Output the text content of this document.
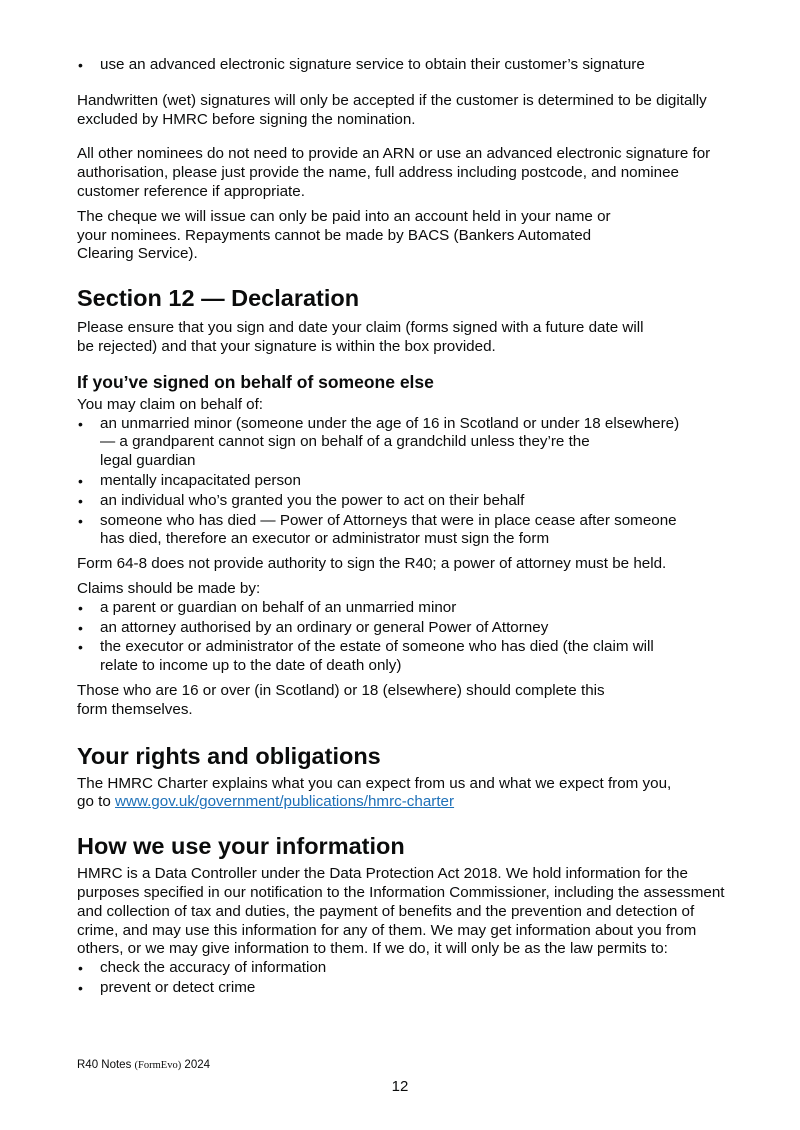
• use an advanced electronic signature service to obtain their customer’s signature

Handwritten (wet) signatures will only be accepted if the customer is determined to be digitally excluded by HMRC before signing the nomination.

All other nominees do not need to provide an ARN or use an advanced electronic signature for authorisation, please just provide the name, full address including postcode, and nominee customer reference if appropriate.

The cheque we will issue can only be paid into an account held in your name or
your nominees. Repayments cannot be made by BACS (Bankers Automated
Clearing Service).

Section 12 — Declaration

Please ensure that you sign and date your claim (forms signed with a future date will
be rejected) and that your signature is within the box provided.

If you’ve signed on behalf of someone else

You may claim on behalf of:

• an unmarried minor (someone under the age of 16 in Scotland or under 18 elsewhere)
— a grandparent cannot sign on behalf of a grandchild unless they’re the
legal guardian
• mentally incapacitated person
• an individual who’s granted you the power to act on their behalf
• someone who has died — Power of Attorneys that were in place cease after someone
has died, therefore an executor or administrator must sign the form

Form 64-8 does not provide authority to sign the R40; a power of attorney must be held.

Claims should be made by:

• a parent or guardian on behalf of an unmarried minor
• an attorney authorised by an ordinary or general Power of Attorney
• the executor or administrator of the estate of someone who has died (the claim will
relate to income up to the date of death only)

Those who are 16 or over (in Scotland) or 18 (elsewhere) should complete this
form themselves.

Your rights and obligations

The HMRC Charter explains what you can expect from us and what we expect from you,
go to www.gov.uk/government/publications/hmrc-charter

How we use your information

HMRC is a Data Controller under the Data Protection Act 2018. We hold information for the purposes specified in our notification to the Information Commissioner, including the assessment and collection of tax and duties, the payment of benefits and the prevention and detection of crime, and may use this information for any of them. We may get information about you from others, or we may give information to them. If we do, it will only be as the law permits to:

• check the accuracy of information
• prevent or detect crime
R40 Notes (FormEvo) 2024
12
